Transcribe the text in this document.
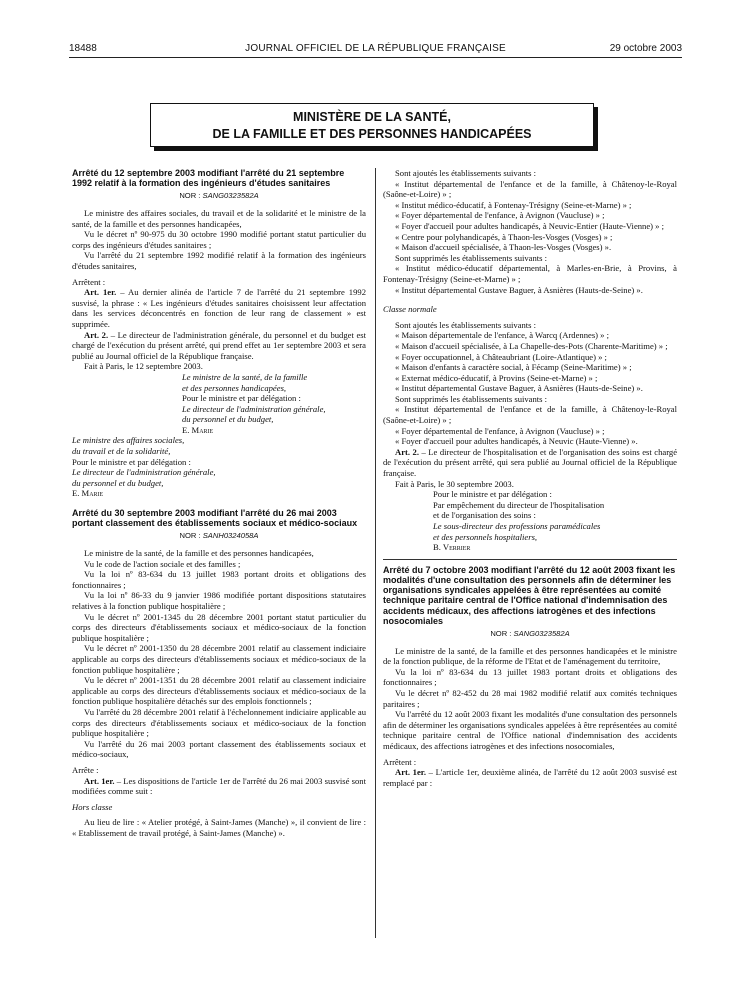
18488	JOURNAL OFFICIEL DE LA RÉPUBLIQUE FRANÇAISE	29 octobre 2003
MINISTÈRE DE LA SANTÉ,
DE LA FAMILLE ET DES PERSONNES HANDICAPÉES
Arrêté du 12 septembre 2003 modifiant l'arrêté du 21 septembre 1992 relatif à la formation des ingénieurs d'études sanitaires
NOR : SANG0323582A

Le ministre des affaires sociales, du travail et de la solidarité et le ministre de la santé, de la famille et des personnes handicapées,

Vu le décret nº 90-975 du 30 octobre 1990 modifié portant statut particulier du corps des ingénieurs d'études sanitaires ;

Vu l'arrêté du 21 septembre 1992 modifié relatif à la formation des ingénieurs d'études sanitaires,

Arrêtent :

Art. 1er. – Au dernier alinéa de l'article 7 de l'arrêté du 21 septembre 1992 susvisé, la phrase : « Les ingénieurs d'études sanitaires choisissent leur affectation dans les services déconcentrés en fonction de leur rang de classement » est supprimée.

Art. 2. – Le directeur de l'administration générale, du personnel et du budget est chargé de l'exécution du présent arrêté, qui prend effet au 1er septembre 2003 et sera publié au Journal officiel de la République française.

Fait à Paris, le 12 septembre 2003.

Le ministre de la santé, de la famille

et des personnes handicapées,

Pour le ministre et par délégation :

Le directeur de l'administration générale,

du personnel et du budget,

E. Marie

Le ministre des affaires sociales,

du travail et de la solidarité,

Pour le ministre et par délégation :

Le directeur de l'administration générale,

du personnel et du budget,

E. Marie

Arrêté du 30 septembre 2003 modifiant l'arrêté du 26 mai 2003 portant classement des établissements sociaux et médico-sociaux
NOR : SANH0324058A

Le ministre de la santé, de la famille et des personnes handicapées,

Vu le code de l'action sociale et des familles ;

Vu la loi nº 83-634 du 13 juillet 1983 portant droits et obligations des fonctionnaires ;

Vu la loi nº 86-33 du 9 janvier 1986 modifiée portant dispositions statutaires relatives à la fonction publique hospitalière ;

Vu le décret nº 2001-1345 du 28 décembre 2001 portant statut particulier du corps des directeurs d'établissements sociaux et médico-sociaux de la fonction publique hospitalière ;

Vu le décret nº 2001-1350 du 28 décembre 2001 relatif au classement indiciaire applicable au corps des directeurs d'établissements sociaux et médico-sociaux de la fonction publique hospitalière ;

Vu le décret nº 2001-1351 du 28 décembre 2001 relatif au classement indiciaire applicable au corps des directeurs d'établissements sociaux et médico-sociaux de la fonction publique hospitalière détachés sur des emplois fonctionnels ;

Vu l'arrêté du 28 décembre 2001 relatif à l'échelonnement indiciaire applicable au corps des directeurs d'établissements sociaux et médico-sociaux de la fonction publique hospitalière ;

Vu l'arrêté du 26 mai 2003 portant classement des établissements sociaux et médico-sociaux,

Arrête :

Art. 1er. – Les dispositions de l'article 1er de l'arrêté du 26 mai 2003 susvisé sont modifiées comme suit :

Hors classe

Au lieu de lire : « Atelier protégé, à Saint-James (Manche) », il convient de lire : « Etablissement de travail protégé, à Saint-James (Manche) ».

Sont ajoutés les établissements suivants :

« Institut départemental de l'enfance et de la famille, à Châtenoy-le-Royal (Saône-et-Loire) » ;

« Institut médico-éducatif, à Fontenay-Trésigny (Seine-et-Marne) » ;

« Foyer départemental de l'enfance, à Avignon (Vaucluse) » ;

« Foyer d'accueil pour adultes handicapés, à Neuvic-Entier (Haute-Vienne) » ;

« Centre pour polyhandicapés, à Thaon-les-Vosges (Vosges) » ;

« Maison d'accueil spécialisée, à Thaon-les-Vosges (Vosges) ».

Sont supprimés les établissements suivants :

« Institut médico-éducatif départemental, à Marles-en-Brie, à Provins, à Fontenay-Trésigny (Seine-et-Marne) » ;

« Institut départemental Gustave Baguer, à Asnières (Hauts-de-Seine) ».

Classe normale

Sont ajoutés les établissements suivants :

« Maison départementale de l'enfance, à Warcq (Ardennes) » ;

« Maison d'accueil spécialisée, à La Chapelle-des-Pots (Charente-Maritime) » ;

« Foyer occupationnel, à Châteaubriant (Loire-Atlantique) » ;

« Maison d'enfants à caractère social, à Fécamp (Seine-Maritime) » ;

« Externat médico-éducatif, à Provins (Seine-et-Marne) » ;

« Institut départemental Gustave Baguer, à Asnières (Hauts-de-Seine) ».

Sont supprimés les établissements suivants :

« Institut départemental de l'enfance et de la famille, à Châtenoy-le-Royal (Saône-et-Loire) » ;

« Foyer départemental de l'enfance, à Avignon (Vaucluse) » ;

« Foyer d'accueil pour adultes handicapés, à Neuvic (Haute-Vienne) ».

Art. 2. – Le directeur de l'hospitalisation et de l'organisation des soins est chargé de l'exécution du présent arrêté, qui sera publié au Journal officiel de la République française.

Fait à Paris, le 30 septembre 2003.

Pour le ministre et par délégation :

Par empêchement du directeur de l'hospitalisation

et de l'organisation des soins :

Le sous-directeur des professions paramédicales

et des personnels hospitaliers,

B. Verrier

Arrêté du 7 octobre 2003 modifiant l'arrêté du 12 août 2003 fixant les modalités d'une consultation des personnels afin de déterminer les organisations syndicales appelées à être représentées au comité technique paritaire central de l'Office national d'indemnisation des accidents médicaux, des affections iatrogènes et des infections nosocomiales
NOR : SANG0323582A

Le ministre de la santé, de la famille et des personnes handicapées et le ministre de la fonction publique, de la réforme de l'Etat et de l'aménagement du territoire,

Vu la loi nº 83-634 du 13 juillet 1983 portant droits et obligations des fonctionnaires ;

Vu le décret nº 82-452 du 28 mai 1982 modifié relatif aux comités techniques paritaires ;

Vu l'arrêté du 12 août 2003 fixant les modalités d'une consultation des personnels afin de déterminer les organisations syndicales appelées à être représentées au comité technique paritaire central de l'Office national d'indemnisation des accidents médicaux, des affections iatrogènes et des infections nosocomiales,

Arrêtent :

Art. 1er. – L'article 1er, deuxième alinéa, de l'arrêté du 12 août 2003 susvisé est remplacé par :
